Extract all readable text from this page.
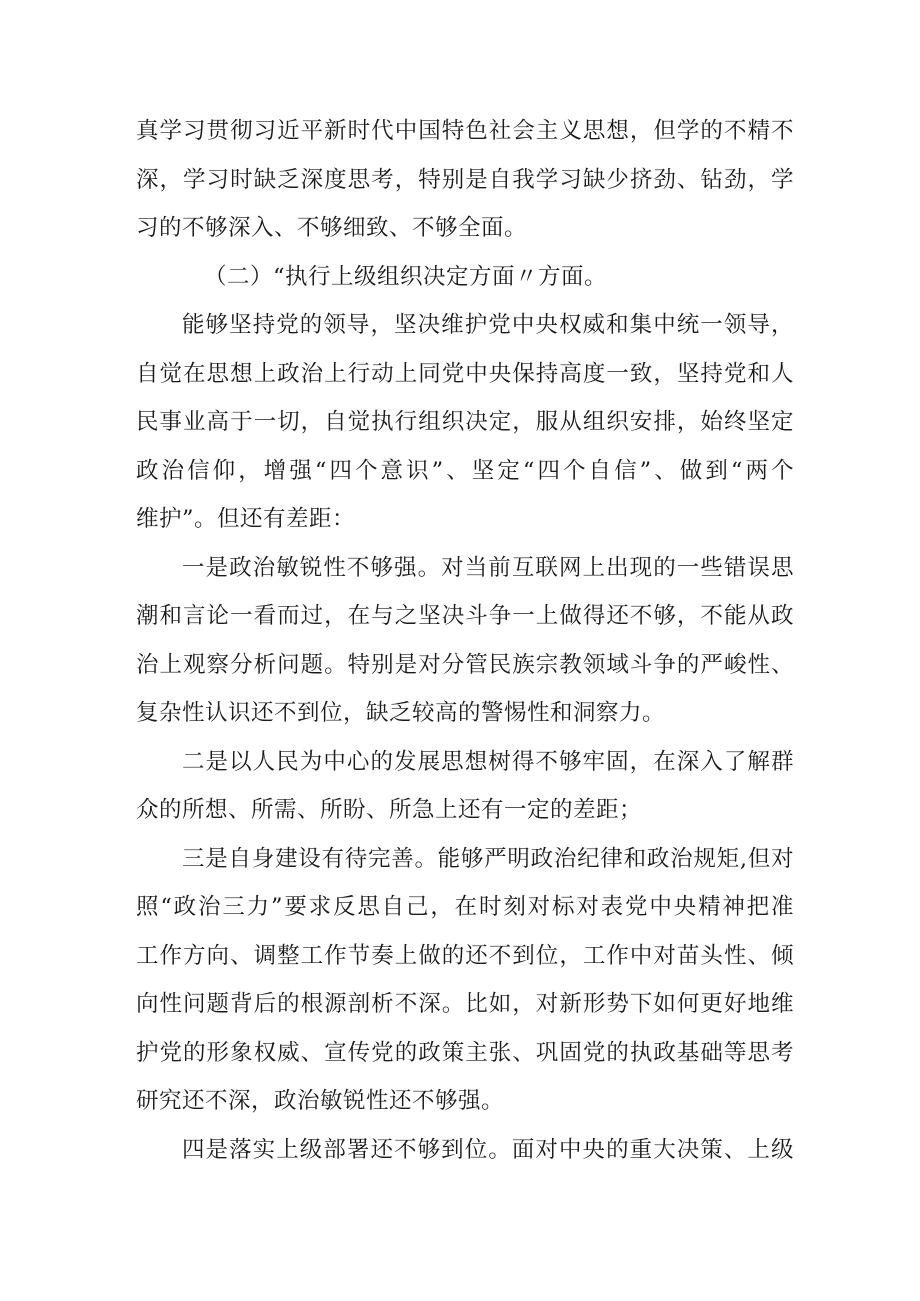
真学习贯彻习近平新时代中国特色社会主义思想，但学的不精不
深，学习时缺乏深度思考，特别是自我学习缺少挤劲、钻劲，学
习的不够深入、不够细致、不够全面。
（二）“执行上级组织决定方面〃方面。
能够坚持党的领导，坚决维护党中央权威和集中统一领导，
自觉在思想上政治上行动上同党中央保持高度一致，坚持党和人
民事业高于一切，自觉执行组织决定，服从组织安排，始终坚定
政治信仰，增强“四个意识”、坚定“四个自信”、做到“两个
维护”。但还有差距：
一是政治敏锐性不够强。对当前互联网上出现的一些错误思
潮和言论一看而过，在与之坚决斗争一上做得还不够，不能从政
治上观察分析问题。特别是对分管民族宗教领域斗争的严峻性、
复杂性认识还不到位，缺乏较高的警惕性和洞察力。
二是以人民为中心的发展思想树得不够牢固，在深入了解群
众的所想、所需、所盼、所急上还有一定的差距；
三是自身建设有待完善。能够严明政治纪律和政治规矩,但对
照“政治三力”要求反思自己，在时刻对标对表党中央精神把准
工作方向、调整工作节奏上做的还不到位，工作中对苗头性、倾
向性问题背后的根源剖析不深。比如，对新形势下如何更好地维
护党的形象权威、宣传党的政策主张、巩固党的执政基础等思考
研究还不深，政治敏锐性还不够强。
四是落实上级部署还不够到位。面对中央的重大决策、上级
